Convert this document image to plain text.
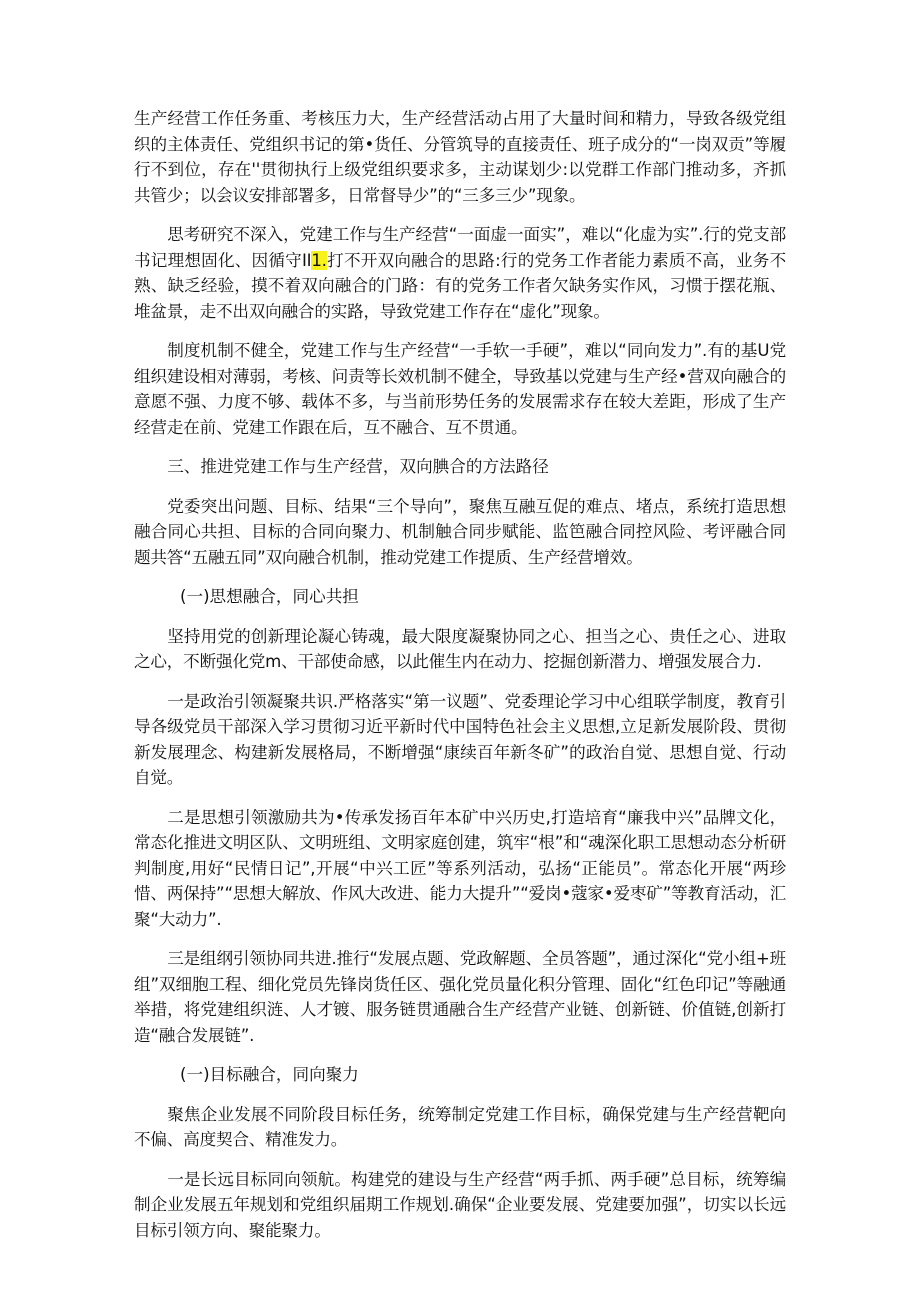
生产经营工作任务重、考核压力大，生产经营活动占用了大量时间和精力，导致各级党组织的主体责任、党组织书记的第•货任、分管筑导的直接责任、班子成分的“一岗双贡”等履行不到位，存在''贯彻执行上级党组织要求多，主动谋划少:以党群工作部门推动多，齐抓共管少；以会议安排部署多，日常督导少”的“三多三少”现象。

思考研究不深入，党建工作与生产经营“一面虚一面实”，难以“化虚为实”.行的党支部书记理想固化、因循守II1.打不开双向融合的思路:行的党务工作者能力素质不高，业务不熟、缺乏经验，摸不着双向融合的门路：有的党务工作者欠缺务实作风，习惯于摆花瓶、堆盆景，走不出双向融合的实路，导致党建工作存在“虚化”现象。

制度机制不健全，党建工作与生产经营“一手软一手硬”，难以“同向发力”.有的基U党组织建设相对薄弱，考核、问责等长效机制不健全，导致基以党建与生产经•营双向融合的意愿不强、力度不够、载体不多，与当前形势任务的发展需求存在较大差距，形成了生产经营走在前、党建工作跟在后，互不融合、互不贯通。

三、推进党建工作与生产经营，双向腆合的方法路径

党委突出问题、目标、结果“三个导向”，聚焦互融互促的难点、堵点，系统打造思想融合同心共担、目标的合同向聚力、机制触合同步赋能、监笆融合同控风险、考评融合同题共答“五融五同”双向融合机制，推动党建工作提质、生产经营增效。

(一)思想融合，同心共担

坚持用党的创新理论凝心铸魂，最大限度凝聚协同之心、担当之心、贵任之心、进取之心，不断强化党m、干部使命感，以此催生内在动力、挖掘创新潜力、增强发展合力.

一是政治引领凝聚共识.严格落实“第一议题”、党委理论学习中心组联学制度，教育引导各级党员干部深入学习贯彻习近平新时代中国特色社会主义思想,立足新发展阶段、贯彻新发展理念、构建新发展格局，不断增强“康续百年新冬矿”的政治自觉、思想自觉、行动自觉。

二是思想引领激励共为•传承发扬百年本矿中兴历史,打造培育“廉我中兴”品牌文化，常态化推进文明区队、文明班组、文明家庭创建，筑牢“根”和“魂深化职工思想动态分析研判制度,用好“民情日记”,开展“中兴工匠”等系列活动，弘扬“正能员”。常态化开展“两珍惜、两保持”“思想大解放、作风大改进、能力大提升”“爱岗•蔻家•爱枣矿”等教育活动，汇聚“大动力”.

三是组纲引领协同共进.推行“发展点题、党政解题、全员答题”，通过深化“党小组+班组”双细胞工程、细化党员先锋岗货任区、强化党员量化积分管理、固化“红色印记”等融通举措，将党建组织涟、人才镀、服务链贯通融合生产经营产业链、创新链、价值链,创新打造“融合发展链”.

(一)目标融合，同向聚力

聚焦企业发展不同阶段目标任务，统筹制定党建工作目标，确保党建与生产经营靶向不偏、高度契合、精准发力。

一是长远目标同向领航。构建党的建设与生产经营“两手抓、两手硬”总目标，统筹编制企业发展五年规划和党组织届期工作规划.确保“企业要发展、党建要加强”，切实以长远目标引领方向、聚能聚力。
